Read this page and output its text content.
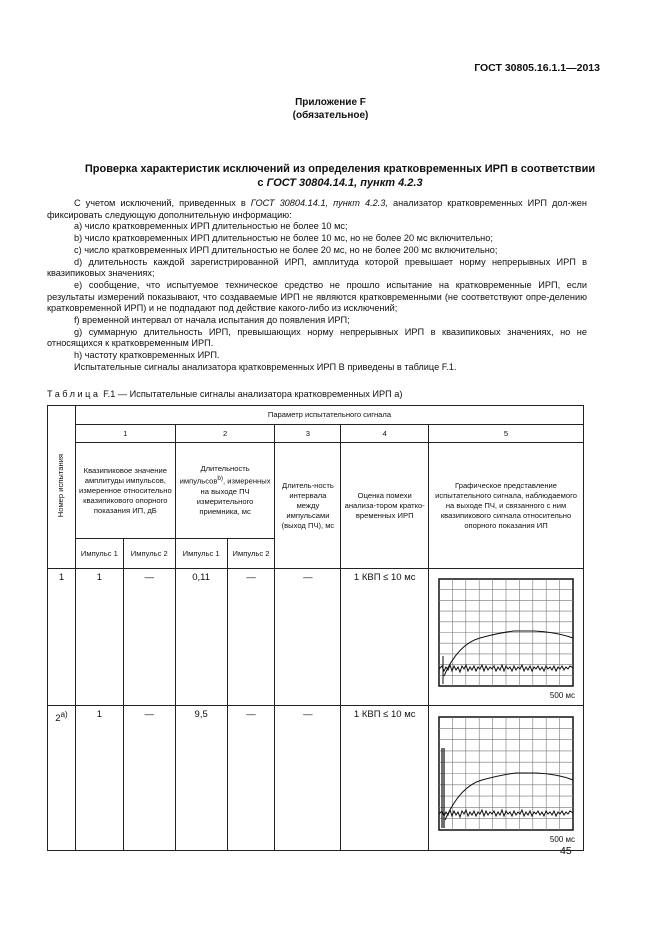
ГОСТ 30805.16.1.1—2013
Приложение F
(обязательное)
Проверка характеристик исключений из определения кратковременных ИРП в соответствии
с ГОСТ 30804.14.1, пункт 4.2.3

С учетом исключений, приведенных в ГОСТ 30804.14.1, пункт 4.2.3, анализатор кратковременных ИРП дол-жен фиксировать следующую дополнительную информацию:

а) число кратковременных ИРП длительностью не более 10 мс;

b) число кратковременных ИРП длительностью не более 10 мс, но не более 20 мс включительно;

с) число кратковременных ИРП длительностью не более 20 мс, но не более 200 мс включительно;

d) длительность каждой зарегистрированной ИРП, амплитуда которой превышает норму непрерывных ИРП в квазипиковых значениях;

е) сообщение, что испытуемое техническое средство не прошло испытание на кратковременные ИРП, если результаты измерений показывают, что создаваемые ИРП не являются кратковременными (не соответствуют опре-делению кратковременной ИРП) и не подпадают под действие какого-либо из исключений;

f) временной интервал от начала испытания до появления ИРП;

g) суммарную длительность ИРП, превышающих норму непрерывных ИРП в квазипиковых значениях, но не относящихся к кратковременным ИРП.

h) частоту кратковременных ИРП.

Испытательные сигналы анализатора кратковременных ИРП В приведены в таблице F.1.

Таблица F.1 — Испытательные сигналы анализатора кратковременных ИРП а)
Номер испытания	Параметр испытательного сигнала						
	1		2		3	4	5
	Квазипиковое значение амплитуды импульсов, измеренное относительно квазипикового опорного показания ИП, дБ		Длительность импульсов$^{b)}$, измеренных на выходе ПЧ измерительного приемника, мс		Длитель-ность интервала между импульсами (выход ПЧ), мс	Оценка помехи анализа-тором кратко-временных ИРП	Графическое представление испытательного сигнала, наблюдаемого на выходе ПЧ, и связанного с ним квазипикового сигнала относительно опорного показания ИП
	Импульс 1	Импульс 2	Импульс 1	Импульс 2			
1	1	—	0,11	—	—	1 КВП ≤ 10 мс	500 мс

$2^{а)}$	1	—	9,5	—	—	1 КВП ≤ 10 мс	500 мс
45
